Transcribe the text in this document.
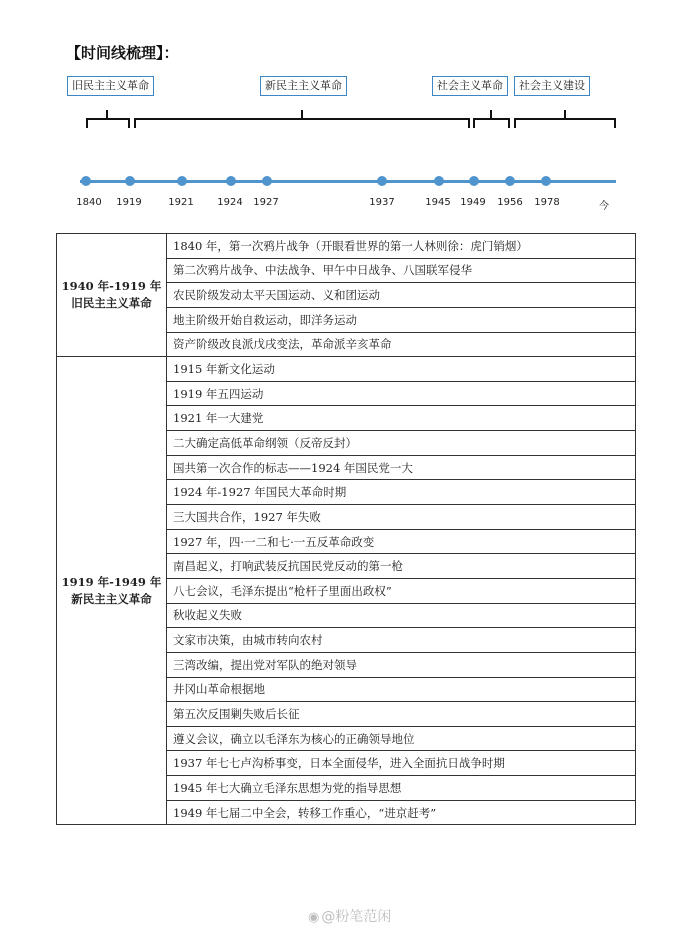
【时间线梳理】：
旧民主主义革命	新民主主义革命	社会主义革命	社会主义建设
1840	1919	1921	1924	1927	1937	1945 1949	1956	1978	今
1940 年-1919 年
旧民主主义革命	1840 年，第一次鸦片战争（开眼看世界的第一人林则徐：虎门销烟）
	第二次鸦片战争、中法战争、甲午中日战争、八国联军侵华
	农民阶级发动太平天国运动、义和团运动
	地主阶级开始自救运动，即洋务运动
	资产阶级改良派戊戌变法，革命派辛亥革命

1919 年-1949 年
新民主主义革命	1915 年新文化运动
	1919 年五四运动
	1921 年一大建党
	二大确定高低革命纲领（反帝反封）
	国共第一次合作的标志——1924 年国民党一大
	1924 年-1927 年国民大革命时期
	三大国共合作，1927 年失败
	1927 年，四·一二和七·一五反革命政变
	南昌起义，打响武装反抗国民党反动的第一枪
	八七会议，毛泽东提出“枪杆子里面出政权”
	秋收起义失败
	文家市决策，由城市转向农村
	三湾改编，提出党对军队的绝对领导
	井冈山革命根据地
	第五次反围剿失败后长征
	遵义会议，确立以毛泽东为核心的正确领导地位
	1937 年七七卢沟桥事变，日本全面侵华，进入全面抗日战争时期
	1945 年七大确立毛泽东思想为党的指导思想
	1949 年七届二中全会，转移工作重心，“进京赶考”
◉ @粉笔范闲
